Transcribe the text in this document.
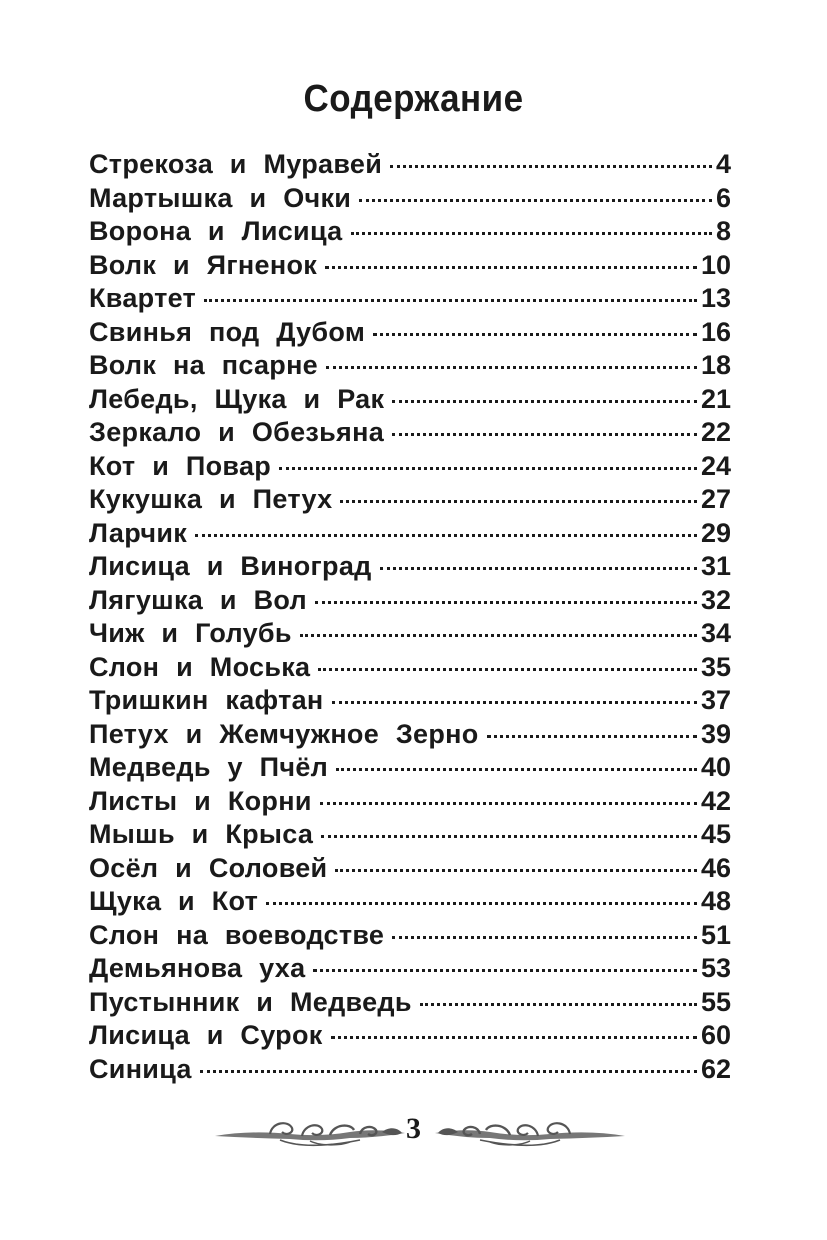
Содержание
Стрекоза и Муравей	4
Мартышка и Очки	6
Ворона и Лисица	8
Волк и Ягненок	10
Квартет	13
Свинья под Дубом	16
Волк на псарне	18
Лебедь, Щука и Рак	21
Зеркало и Обезьяна	22
Кот и Повар	24
Кукушка и Петух	27
Ларчик	29
Лисица и Виноград	31
Лягушка и Вол	32
Чиж и Голубь	34
Слон и Моська	35
Тришкин кафтан	37
Петух и Жемчужное Зерно	39
Медведь у Пчёл	40
Листы и Корни	42
Мышь и Крыса	45
Осёл и Соловей	46
Щука и Кот	48
Слон на воеводстве	51
Демьянова уха	53
Пустынник и Медведь	55
Лисица и Сурок	60
Синица	62
3
